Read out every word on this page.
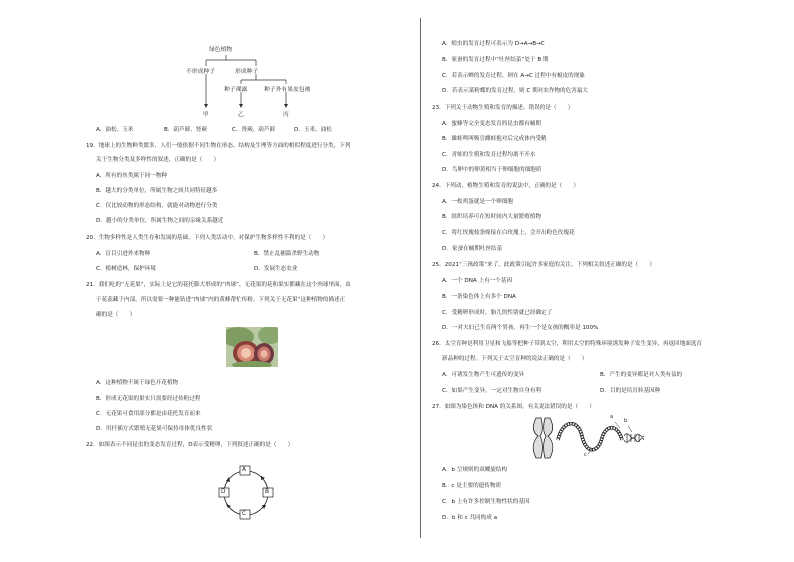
绿色植物
不形成种子	形成种子
种子裸露	种子外有果皮包被
甲	乙	丙
A．油松、玉米	B．葫芦藓、肾蕨	C．肾蕨、葫芦藓	D．玉米、油松
19．地球上的生物种类繁多，人们一般依据不同生物在形态、结构及生理等方面的相似程度进行分类，下列
关于生物分类及多样性的叙述，正确的是（　　）
A．所有的鱼类属于同一物种
B．越大的分类单位，所属生物之间共同特征越多
C．仅比较动物的形态结构，就能对动物进行分类
D．越小的分类单位，所属生物之间的亲缘关系越近
20．生物多样性是人类生存和发展的基础。下列人类活动中，对保护生物多样性不利的是（　　）
A．盲目引进外来物种	B．禁止乱捕滥杀野生动物
C．植树造林，保护环境	D．发展生态农业
21．我们吃的“无花果”，实际上是它的花托膨大形成的“肉球”，无花果的花和果实都藏在这个肉球里面，由
于花蕊藏于内部，所以需要一种能钻进“肉球”内的黄蜂帮忙传粉。下列关于无花果“这种植物的描述正
确的是（　　）
A．这种植物不属于绿色开花植物
B．形成无花果的果实只需要经过传粉过程
C．无花果可食用部分都是由花托发育而来
D．用扦插方式繁殖无花果可保持母体优良性状
22．如图表示不同昆虫的变态发育过程，D表示受精卵，下列叙述正确的是（　　）
A
B
C
D
A．蝗虫的发育过程可表示为 D→A→B→C
B．家蚕的发育过程中“吐丝结茧”处于 B 期
C．若表示蝉的发育过程，则在 A→C 过程中有蜕皮的现象
D．若表示菜粉蝶的发育过程，则 C 期对农作物的危害最大
23．下列关于动物生殖和发育的描述，错误的是（　　）
A．蜜蜂等完全变态发育的昆虫都有蛹期
B．雄蛙鸣叫吸引雌蛙抱对后完成体内受精
C．青蛙的生殖和发育过程均离不开水
D．鸟卵中的卵黄相当于卵细胞的细胞质
24．下列动、植物生殖和发育的说法中，正确的是（　　）
A．一枚鸡蛋就是一个卵细胞
B．组织培养可在短时间内大量繁殖植物
C．将红玫瑰枝条嫁接在白玫瑰上，会开出粉色玫瑰花
D．家蚕在蛹期吐丝结茧
25．2021“三孩政策”来了，此政策引起许多家庭的关注，下列相关叙述正确的是（　　）
A．一个 DNA 上有一个基因
B．一条染色体上有多个 DNA
C．受精卵形成时，胎儿的性别就已经确定了
D．一对夫妇已生育两个男孩，再生一个是女孩的概率是 100%
26．太空育种是利用卫星和飞船等把种子带到太空，利用太空的特殊环境诱发种子发生变异，再返回地面选育
新品种的过程。下列关于太空育种的说法正确的是（　　）
A．可诱发生物产生可遗传的变异	B．产生的变异都是对人类有益的
C．如果产生变异，一定对生物自身有利	D．目的是培育转基因种
27．如图为染色体和 DNA 的关系图。有关说法错误的是（　　）
a
b
c
A．b 呈规则的双螺旋结构
B．c 是主要的遗传物质
C．b 上有许多控制生物性状的基因
D．b 和 c 共同构成 a
